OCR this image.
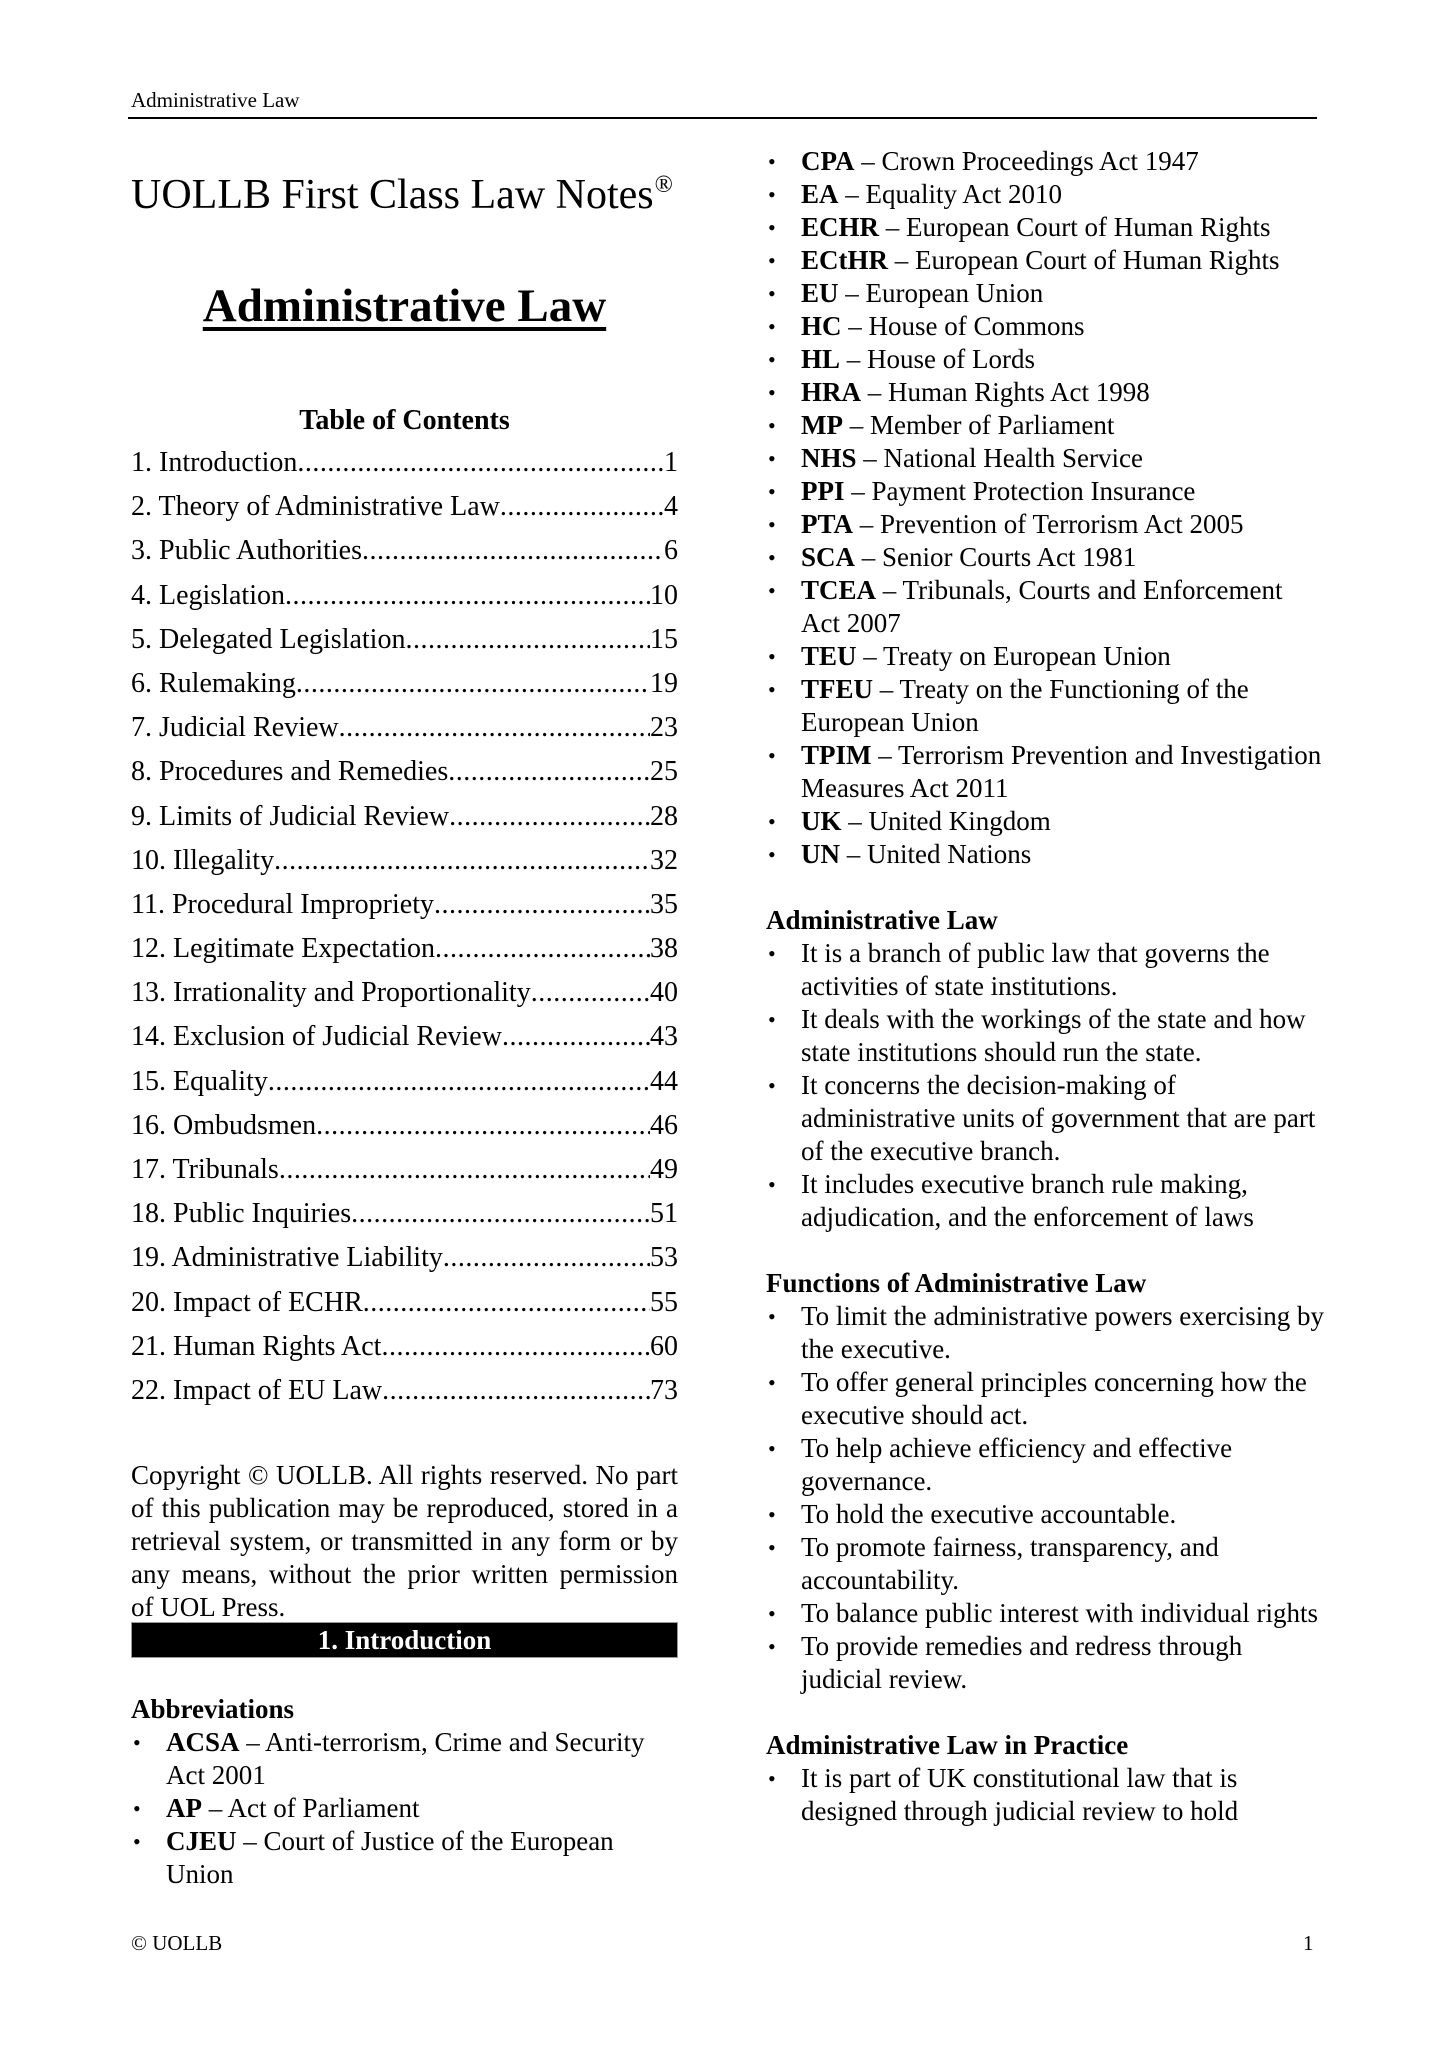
Administrative Law
UOLLB First Class Law Notes®
Administrative Law
Table of Contents
1. Introduction .....	1
2. Theory of Administrative Law .....	4
3. Public Authorities .....	6
4. Legislation .....	10
5. Delegated Legislation .....	15
6. Rulemaking .....	19
7. Judicial Review .....	23
8. Procedures and Remedies .....	25
9. Limits of Judicial Review .....	28
10. Illegality .....	32
11. Procedural Impropriety .....	35
12. Legitimate Expectation .....	38
13. Irrationality and Proportionality .....	40
14. Exclusion of Judicial Review .....	43
15. Equality .....	44
16. Ombudsmen .....	46
17. Tribunals .....	49
18. Public Inquiries .....	51
19. Administrative Liability .....	53
20. Impact of ECHR .....	55
21. Human Rights Act .....	60
22. Impact of EU Law .....	73

Copyright © UOLLB. All rights reserved. No part of this publication may be reproduced, stored in a retrieval system, or transmitted in any form or by any means, without the prior written permission of UOL Press.

1. Introduction
Abbreviations
• ACSA – Anti-terrorism, Crime and Security Act 2001
• AP – Act of Parliament
• CJEU – Court of Justice of the European Union
• CPA – Crown Proceedings Act 1947
• EA – Equality Act 2010
• ECHR – European Court of Human Rights
• ECtHR – European Court of Human Rights
• EU – European Union
• HC – House of Commons
• HL – House of Lords
• HRA – Human Rights Act 1998
• MP – Member of Parliament
• NHS – National Health Service
• PPI – Payment Protection Insurance
• PTA – Prevention of Terrorism Act 2005
• SCA – Senior Courts Act 1981
• TCEA – Tribunals, Courts and Enforcement Act 2007
• TEU – Treaty on European Union
• TFEU – Treaty on the Functioning of the European Union
• TPIM – Terrorism Prevention and Investigation Measures Act 2011
• UK – United Kingdom
• UN – United Nations
Administrative Law
• It is a branch of public law that governs the activities of state institutions.
• It deals with the workings of the state and how state institutions should run the state.
• It concerns the decision-making of administrative units of government that are part of the executive branch.
• It includes executive branch rule making, adjudication, and the enforcement of laws
Functions of Administrative Law
• To limit the administrative powers exercising by the executive.
• To offer general principles concerning how the executive should act.
• To help achieve efficiency and effective governance.
• To hold the executive accountable.
• To promote fairness, transparency, and accountability.
• To balance public interest with individual rights
• To provide remedies and redress through judicial review.
Administrative Law in Practice
• It is part of UK constitutional law that is designed through judicial review to hold
© UOLLB	1
